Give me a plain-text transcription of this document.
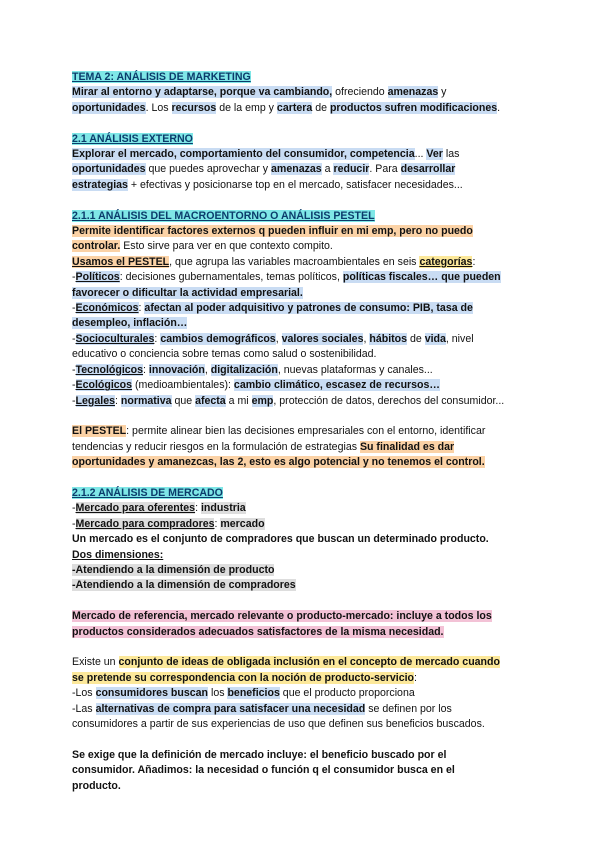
TEMA 2: ANÁLISIS DE MARKETING

Mirar al entorno y adaptarse, porque va cambiando, ofreciendo amenazas y

oportunidades. Los recursos de la emp y cartera de productos sufren modificaciones.

2.1 ANÁLISIS EXTERNO

Explorar el mercado, comportamiento del consumidor, competencia... Ver las

oportunidades que puedes aprovechar y amenazas a reducir. Para desarrollar

estrategias + efectivas y posicionarse top en el mercado, satisfacer necesidades...

2.1.1 ANÁLISIS DEL MACROENTORNO O ANÁLISIS PESTEL

Permite identificar factores externos q pueden influir en mi emp, pero no puedo

controlar. Esto sirve para ver en que contexto compito.

Usamos el PESTEL, que agrupa las variables macroambientales en seis categorías:

-Políticos: decisiones gubernamentales, temas políticos, políticas fiscales… que pueden

favorecer o dificultar la actividad empresarial.

-Económicos: afectan al poder adquisitivo y patrones de consumo: PIB, tasa de

desempleo, inflación…

-Socioculturales: cambios demográficos, valores sociales, hábitos de vida, nivel

educativo o conciencia sobre temas como salud o sostenibilidad.

-Tecnológicos: innovación, digitalización, nuevas plataformas y canales...

-Ecológicos (medioambientales): cambio climático, escasez de recursos…

-Legales: normativa que afecta a mi emp, protección de datos, derechos del consumidor...

El PESTEL: permite alinear bien las decisiones empresariales con el entorno, identificar

tendencias y reducir riesgos en la formulación de estrategias Su finalidad es dar

oportunidades y amanezcas, las 2, esto es algo potencial y no tenemos el control.

2.1.2 ANÁLISIS DE MERCADO

-Mercado para oferentes: industria

-Mercado para compradores: mercado

Un mercado es el conjunto de compradores que buscan un determinado producto.

Dos dimensiones:

-Atendiendo a la dimensión de producto

-Atendiendo a la dimensión de compradores

Mercado de referencia, mercado relevante o producto-mercado: incluye a todos los

productos considerados adecuados satisfactores de la misma necesidad.

Existe un conjunto de ideas de obligada inclusión en el concepto de mercado cuando

se pretende su correspondencia con la noción de producto-servicio:

-Los consumidores buscan los beneficios que el producto proporciona

-Las alternativas de compra para satisfacer una necesidad se definen por los

consumidores a partir de sus experiencias de uso que definen sus beneficios buscados.

Se exige que la definición de mercado incluye: el beneficio buscado por el

consumidor. Añadimos: la necesidad o función q el consumidor busca en el

producto.
